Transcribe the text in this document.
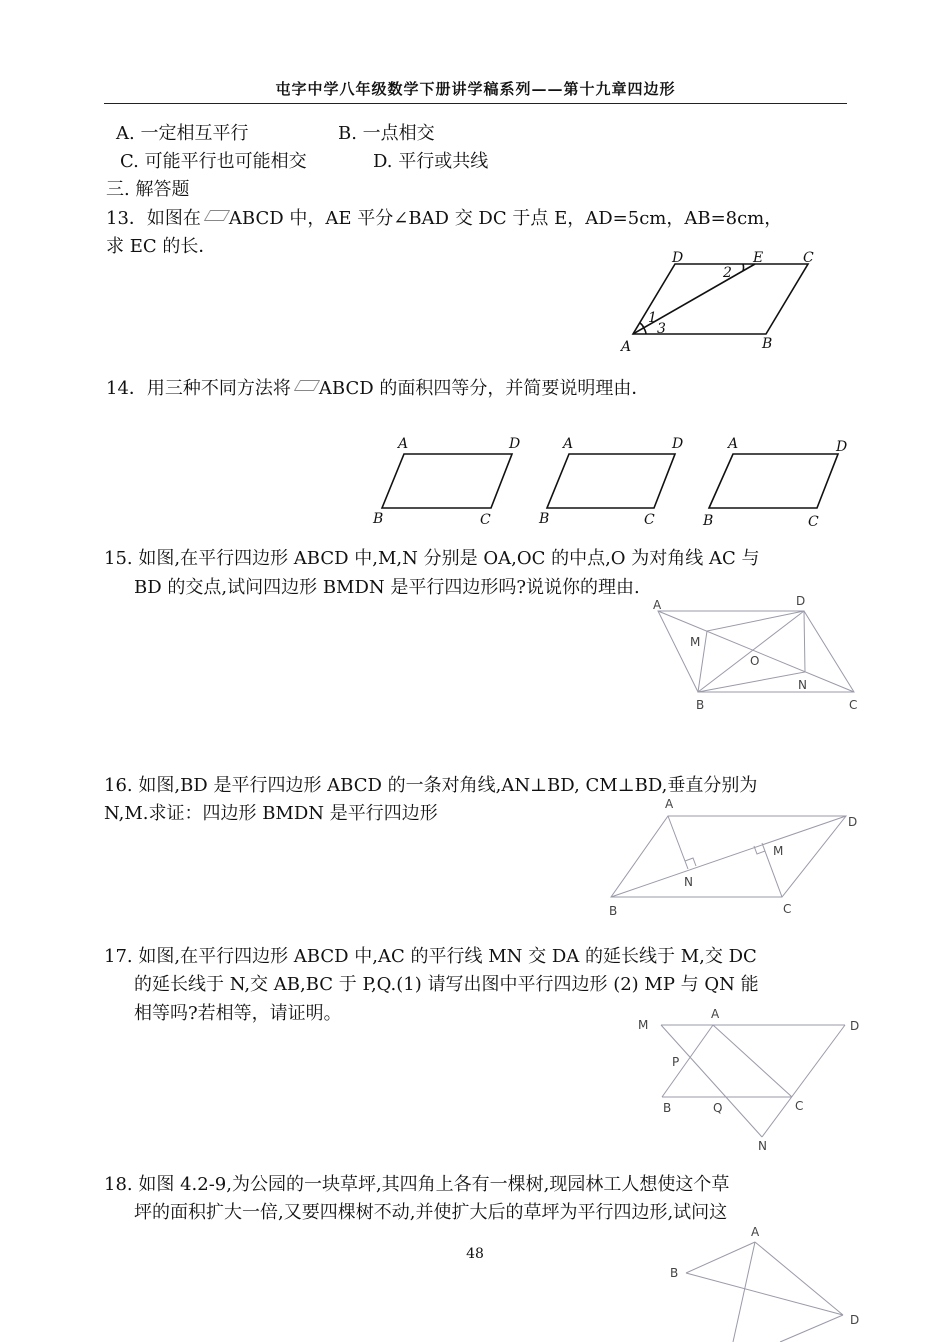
屯字中学八年级数学下册讲学稿系列——第十九章四边形
A. 一定相互平行	B. 一点相交
C. 可能平行也可能相交	D. 平行或共线
三. 解答题
13．如图在 ABCD 中，AE 平分∠BAD 交 DC 于点 E，AD=5cm，AB=8cm，
求 EC 的长．
D	E	C
A	B
1
2
3
14．用三种不同方法将 ABCD 的面积四等分，并简要说明理由．
A	D
B	C
A	D
B	C
A	D
B	C
15. 如图,在平行四边形 ABCD 中,M,N 分别是 OA,OC 的中点,O 为对角线 AC 与
BD 的交点,试问四边形 BMDN 是平行四边形吗?说说你的理由.
A	D
M
O
N
B	C
16. 如图,BD 是平行四边形 ABCD 的一条对角线,AN⊥BD, CM⊥BD,垂直分别为
N,M.求证：四边形 BMDN 是平行四边形	A
D
M
N
B	C
17. 如图,在平行四边形 ABCD 中,AC 的平行线 MN 交 DA 的延长线于 M,交 DC
的延长线于 N,交 AB,BC 于 P,Q.(1) 请写出图中平行四边形 (2) MP 与 QN 能
相等吗?若相等，请证明。
M
A
D
P
B	Q	C
N
18. 如图 4.2-9,为公园的一块草坪,其四角上各有一棵树,现园林工人想使这个草
坪的面积扩大一倍,又要四棵树不动,并使扩大后的草坪为平行四边形,试问这
A
B
D
48
